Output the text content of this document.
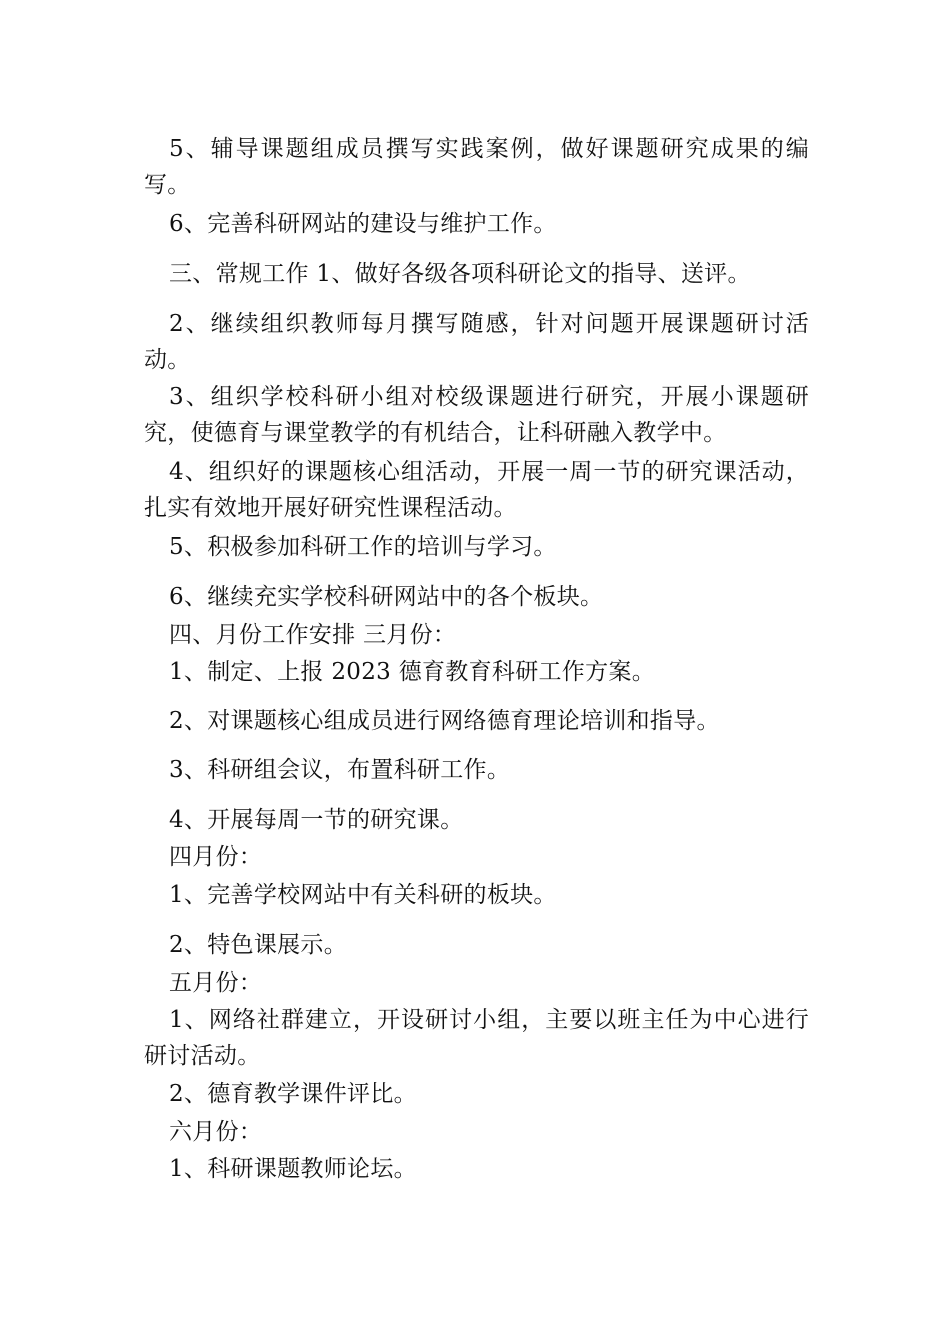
5、辅导课题组成员撰写实践案例，做好课题研究成果的编写。

6、完善科研网站的建设与维护工作。

三、常规工作 1、做好各级各项科研论文的指导、送评。

2、继续组织教师每月撰写随感，针对问题开展课题研讨活动。

3、组织学校科研小组对校级课题进行研究，开展小课题研究，使德育与课堂教学的有机结合，让科研融入教学中。

4、组织好的课题核心组活动，开展一周一节的研究课活动，扎实有效地开展好研究性课程活动。

5、积极参加科研工作的培训与学习。

6、继续充实学校科研网站中的各个板块。

四、月份工作安排 三月份：

1、制定、上报 2023 德育教育科研工作方案。

2、对课题核心组成员进行网络德育理论培训和指导。

3、科研组会议，布置科研工作。

4、开展每周一节的研究课。

四月份：

1、完善学校网站中有关科研的板块。

2、特色课展示。

五月份：

1、网络社群建立，开设研讨小组，主要以班主任为中心进行研讨活动。

2、德育教学课件评比。

六月份：

1、科研课题教师论坛。
